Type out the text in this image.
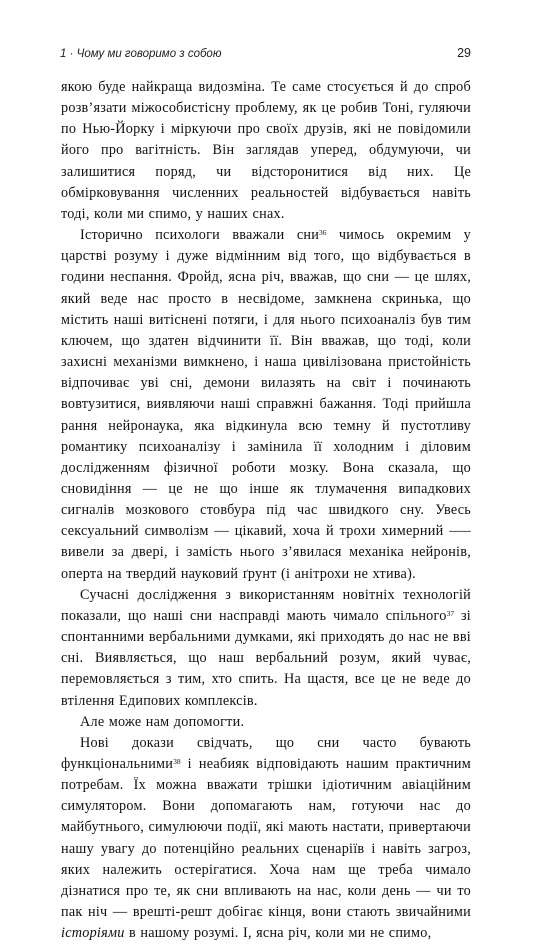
1 · Чому ми говоримо з собою	29

якою буде найкраща видозміна. Те саме стосується й до спроб розв’язати міжособистісну проблему, як це робив Тоні, гуляючи по Нью-Йорку і міркуючи про своїх друзів, які не повідомили його про вагітність. Він заглядав уперед, обдумуючи, чи залишитися поряд, чи відсторонитися від них. Це обмірковування численних реальностей відбувається навіть тоді, коли ми спимо, у наших снах.

Історично психологи вважали сни$^{36}$ чимось окремим у царстві розуму і дуже відмінним від того, що відбувається в години неспання. Фройд, ясна річ, вважав, що сни — це шлях, який веде нас просто в несвідоме, замкнена скринька, що містить наші витіснені потяги, і для нього психоаналіз був тим ключем, що здатен відчинити її. Він вважав, що тоді, коли захисні механізми вимкнено, і наша цивілізована пристойність відпочиває уві сні, демони вилазять на світ і починають вовтузитися, виявляючи наші справжні бажання. Тоді прийшла рання нейронаука, яка відкинула всю темну й пустотливу романтику психоаналізу і замінила її холодним і діловим дослідженням фізичної роботи мозку. Вона сказала, що сновидіння — це не що інше як тлумачення випадкових сигналів мозкового стовбура під час швидкого сну. Увесь сексуальний символізм — цікавий, хоча й трохи химерний —– вивели за двері, і замість нього з’явилася механіка нейронів, оперта на твердий науковий ґрунт (і анітрохи не хтива).

Сучасні дослідження з використанням новітніх технологій показали, що наші сни насправді мають чимало спільного$^{37}$ зі спонтанними вербальними думками, які приходять до нас не вві сні. Виявляється, що наш вербальний розум, який чуває, перемовляється з тим, хто спить. На щастя, все це не веде до втілення Едипових комплексів.

Але може нам допомогти.

Нові докази свідчать, що сни часто бувають функціональними$^{38}$ і неабияк відповідають нашим практичним потребам. Їх можна вважати трішки ідіотичним авіаційним симулятором. Вони допомагають нам, готуючи нас до майбутнього, симулюючи події, які мають настати, привертаючи нашу увагу до потенційно реальних сценаріїв і навіть загроз, яких належить остерігатися. Хоча нам ще треба чимало дізнатися про те, як сни впливають на нас, коли день — чи то пак ніч — врешті-решт добігає кінця, вони стають звичайними історіями в нашому розумі. І, ясна річ, коли ми не спимо,
